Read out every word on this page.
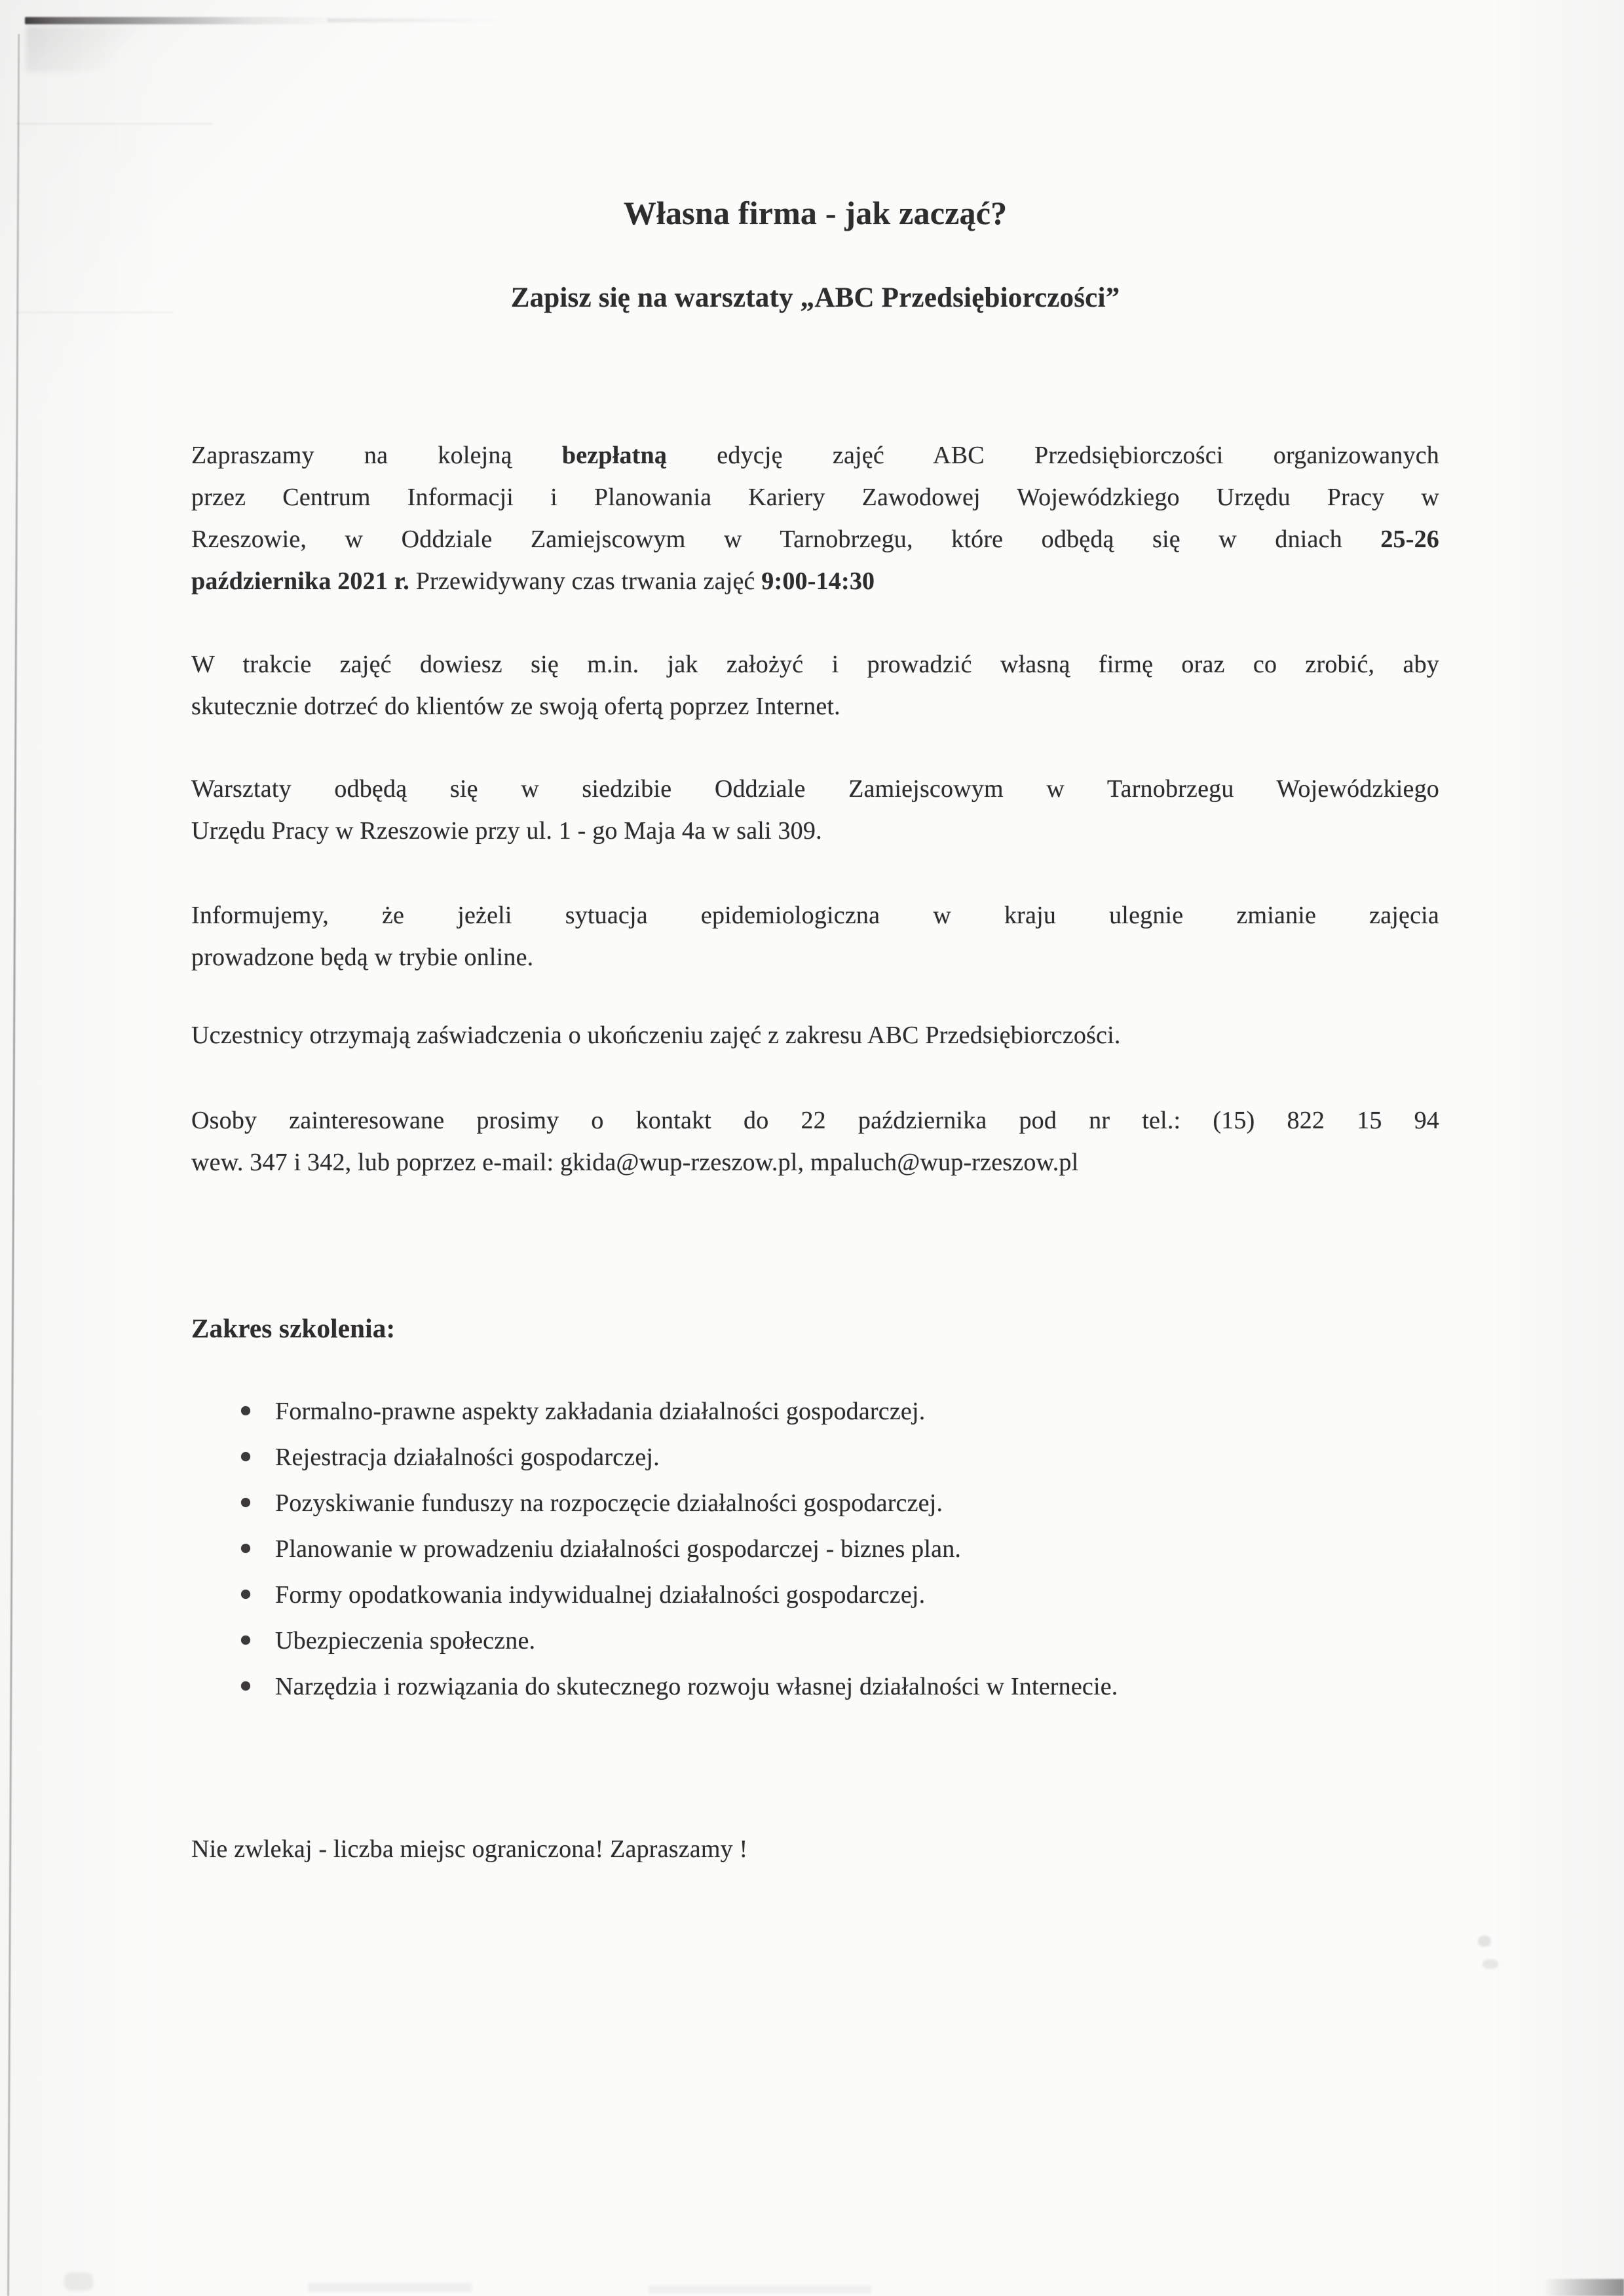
Własna firma - jak zacząć?
Zapisz się na warsztaty „ABC Przedsiębiorczości”

Zapraszamy na kolejną bezpłatną edycję zajęć ABC Przedsiębiorczości organizowanych

przez Centrum Informacji i Planowania Kariery Zawodowej Wojewódzkiego Urzędu Pracy w

Rzeszowie, w Oddziale Zamiejscowym w Tarnobrzegu, które odbędą się w dniach 25-26

października 2021 r. Przewidywany czas trwania zajęć 9:00-14:30

W trakcie zajęć dowiesz się m.in. jak założyć i prowadzić własną firmę oraz co zrobić, aby

skutecznie dotrzeć do klientów ze swoją ofertą poprzez Internet.

Warsztaty odbędą się w siedzibie Oddziale Zamiejscowym w Tarnobrzegu Wojewódzkiego

Urzędu Pracy w Rzeszowie przy ul. 1 - go Maja 4a w sali 309.

Informujemy, że jeżeli sytuacja epidemiologiczna w kraju ulegnie zmianie zajęcia

prowadzone będą w trybie online.

Uczestnicy otrzymają zaświadczenia o ukończeniu zajęć z zakresu ABC Przedsiębiorczości.

Osoby zainteresowane prosimy o kontakt do 22 października pod nr tel.: (15) 822 15 94

wew. 347 i 342, lub poprzez e-mail: gkida@wup-rzeszow.pl, mpaluch@wup-rzeszow.pl

Zakres szkolenia:
Formalno-prawne aspekty zakładania działalności gospodarczej.
Rejestracja działalności gospodarczej.
Pozyskiwanie funduszy na rozpoczęcie działalności gospodarczej.
Planowanie w prowadzeniu działalności gospodarczej - biznes plan.
Formy opodatkowania indywidualnej działalności gospodarczej.
Ubezpieczenia społeczne.
Narzędzia i rozwiązania do skutecznego rozwoju własnej działalności w Internecie.

Nie zwlekaj - liczba miejsc ograniczona! Zapraszamy !
